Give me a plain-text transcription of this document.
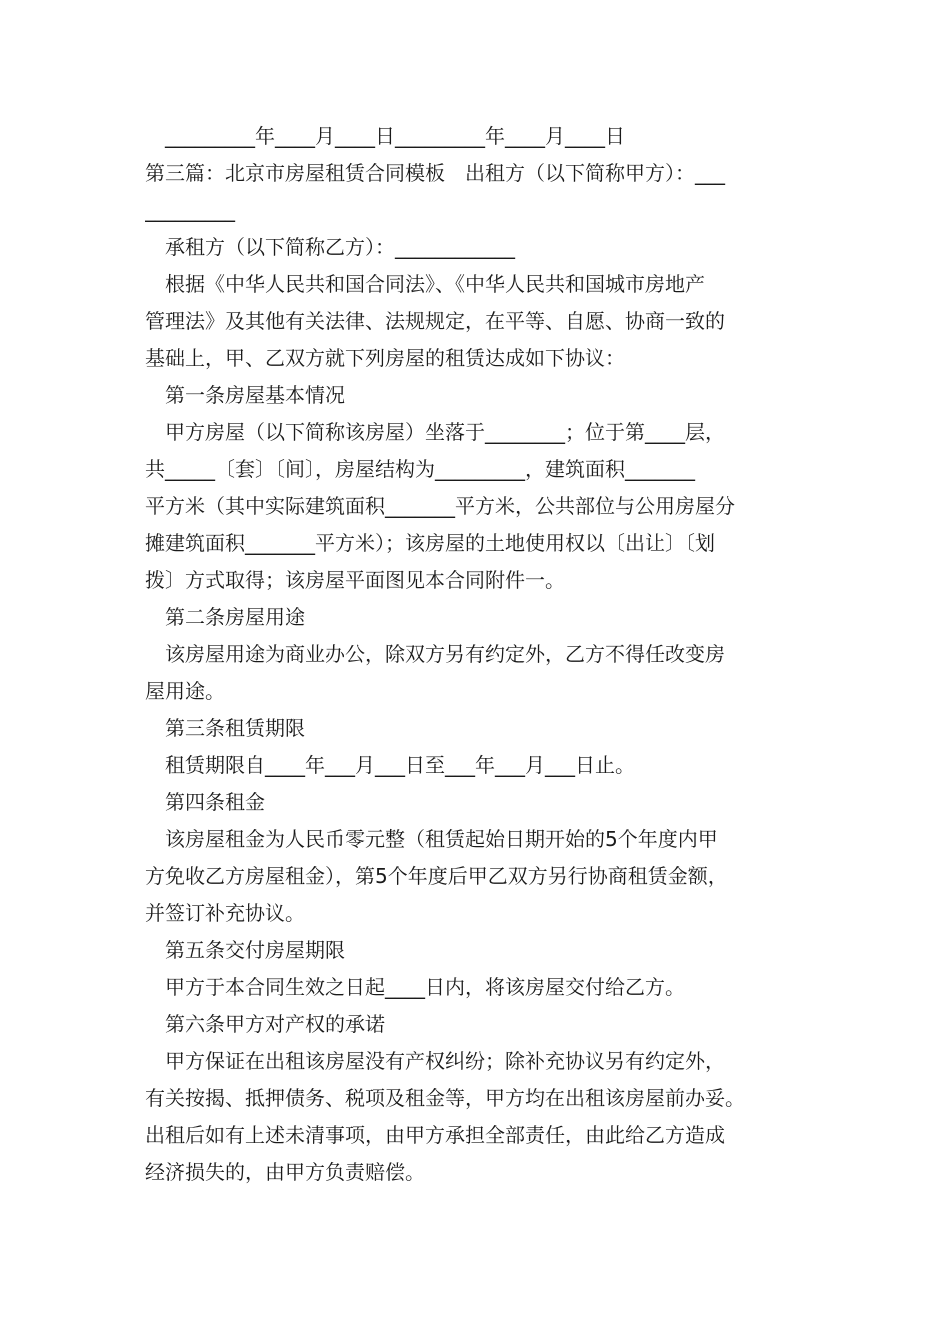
_________年____月____日_________年____月____日
第三篇：北京市房屋租赁合同模板　出租方（以下简称甲方）：___
_________
承租方（以下简称乙方）：____________
根据《中华人民共和国合同法》、《中华人民共和国城市房地产
管理法》及其他有关法律、法规规定，在平等、自愿、协商一致的
基础上，甲、乙双方就下列房屋的租赁达成如下协议：
第一条房屋基本情况
甲方房屋（以下简称该房屋）坐落于________；位于第____层，
共_____〔套〕〔间〕，房屋结构为_________，建筑面积_______
平方米（其中实际建筑面积_______平方米，公共部位与公用房屋分
摊建筑面积_______平方米）；该房屋的土地使用权以〔出让〕〔划
拨〕方式取得；该房屋平面图见本合同附件一。
第二条房屋用途
该房屋用途为商业办公，除双方另有约定外，乙方不得任改变房
屋用途。
第三条租赁期限
租赁期限自____年___月___日至___年___月___日止。
第四条租金
该房屋租金为人民币零元整（租赁起始日期开始的5个年度内甲
方免收乙方房屋租金），第5个年度后甲乙双方另行协商租赁金额，
并签订补充协议。
第五条交付房屋期限
甲方于本合同生效之日起____日内，将该房屋交付给乙方。
第六条甲方对产权的承诺
甲方保证在出租该房屋没有产权纠纷；除补充协议另有约定外，
有关按揭、抵押债务、税项及租金等，甲方均在出租该房屋前办妥。
出租后如有上述未清事项，由甲方承担全部责任，由此给乙方造成
经济损失的，由甲方负责赔偿。
